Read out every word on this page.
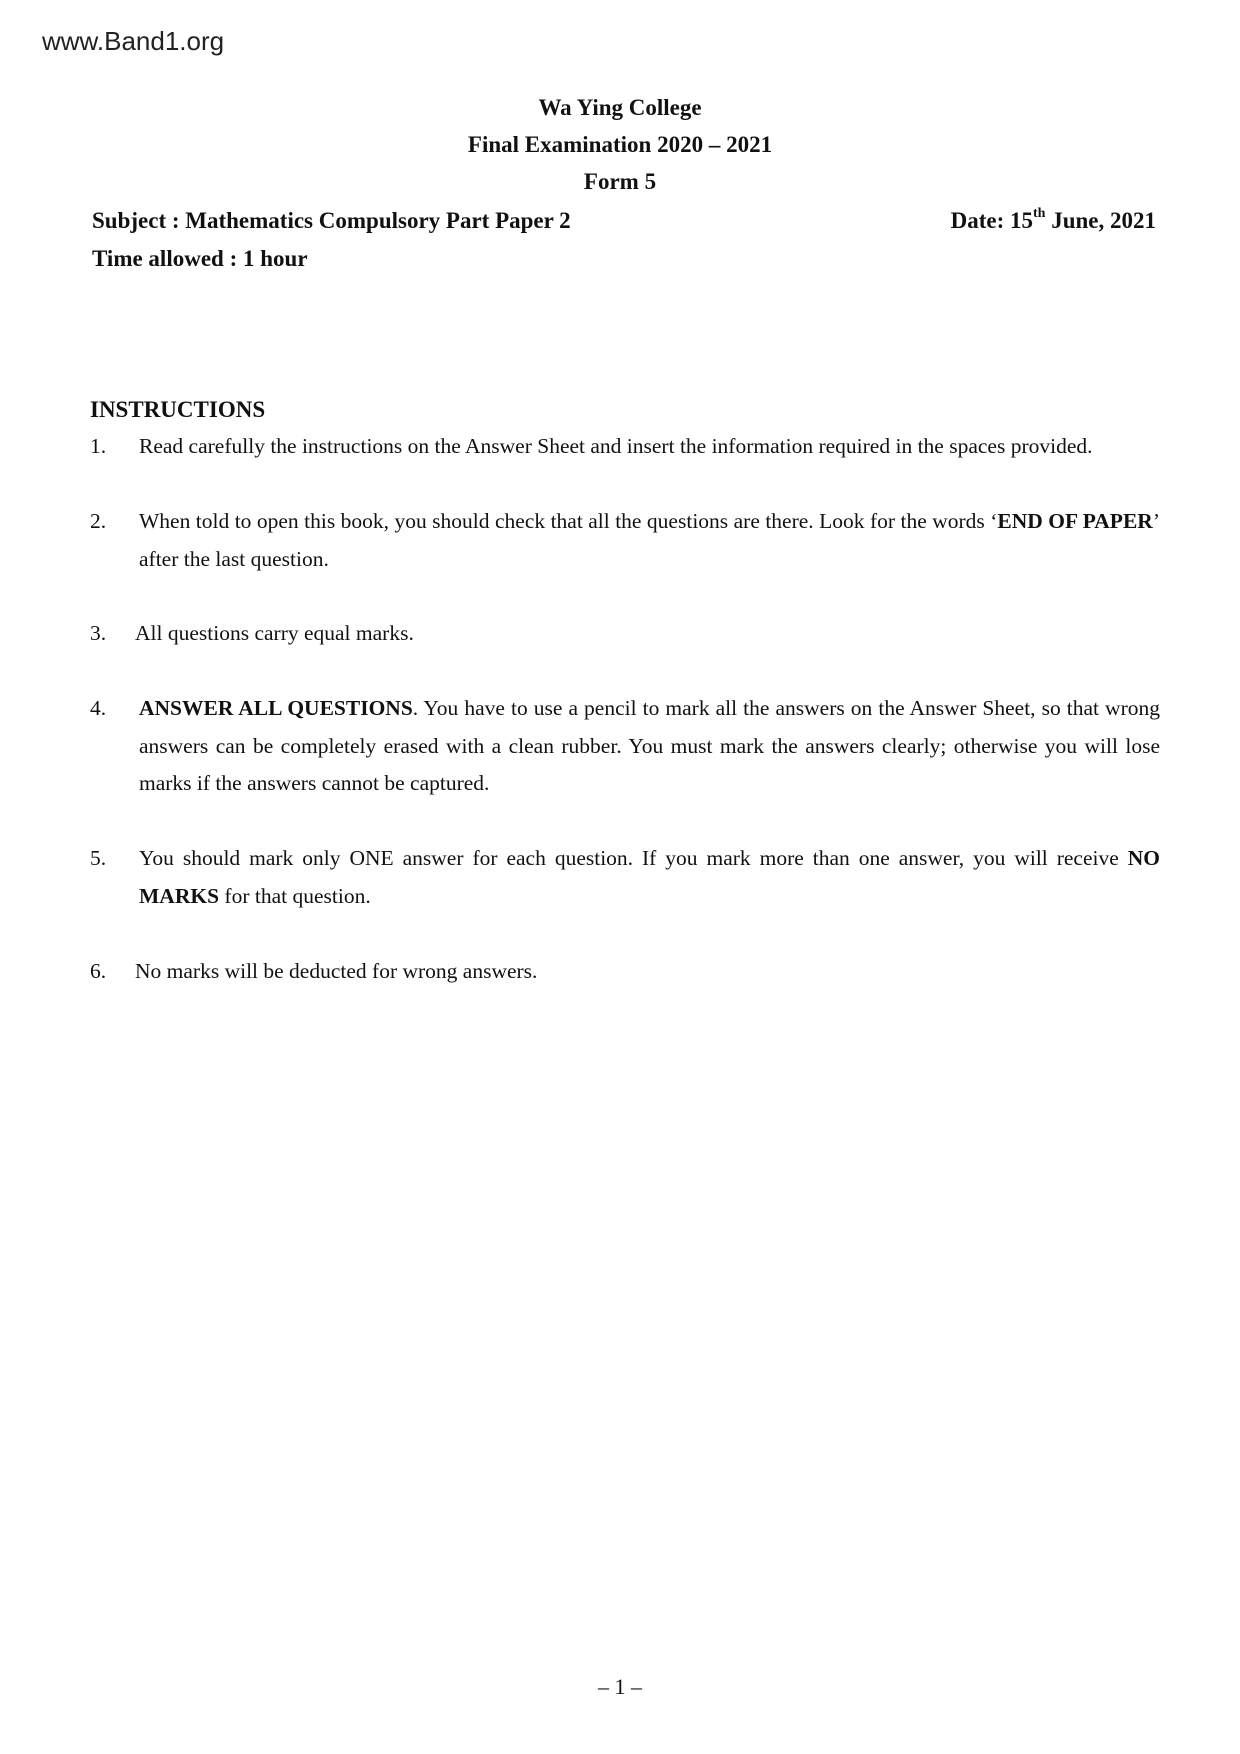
www.Band1.org
Wa Ying College
Final Examination 2020 – 2021
Form 5
Subject : Mathematics Compulsory Part Paper 2	Date: 15th June, 2021
Time allowed : 1 hour
INSTRUCTIONS
1.	Read carefully the instructions on the Answer Sheet and insert the information required in the spaces provided.
2.	When told to open this book, you should check that all the questions are there. Look for the words ‘END OF PAPER’ after the last question.
3.	All questions carry equal marks.
4.	ANSWER ALL QUESTIONS. You have to use a pencil to mark all the answers on the Answer Sheet, so that wrong answers can be completely erased with a clean rubber. You must mark the answers clearly; otherwise you will lose marks if the answers cannot be captured.
5.	You should mark only ONE answer for each question. If you mark more than one answer, you will receive NO MARKS for that question.
6.	No marks will be deducted for wrong answers.
– 1 –
